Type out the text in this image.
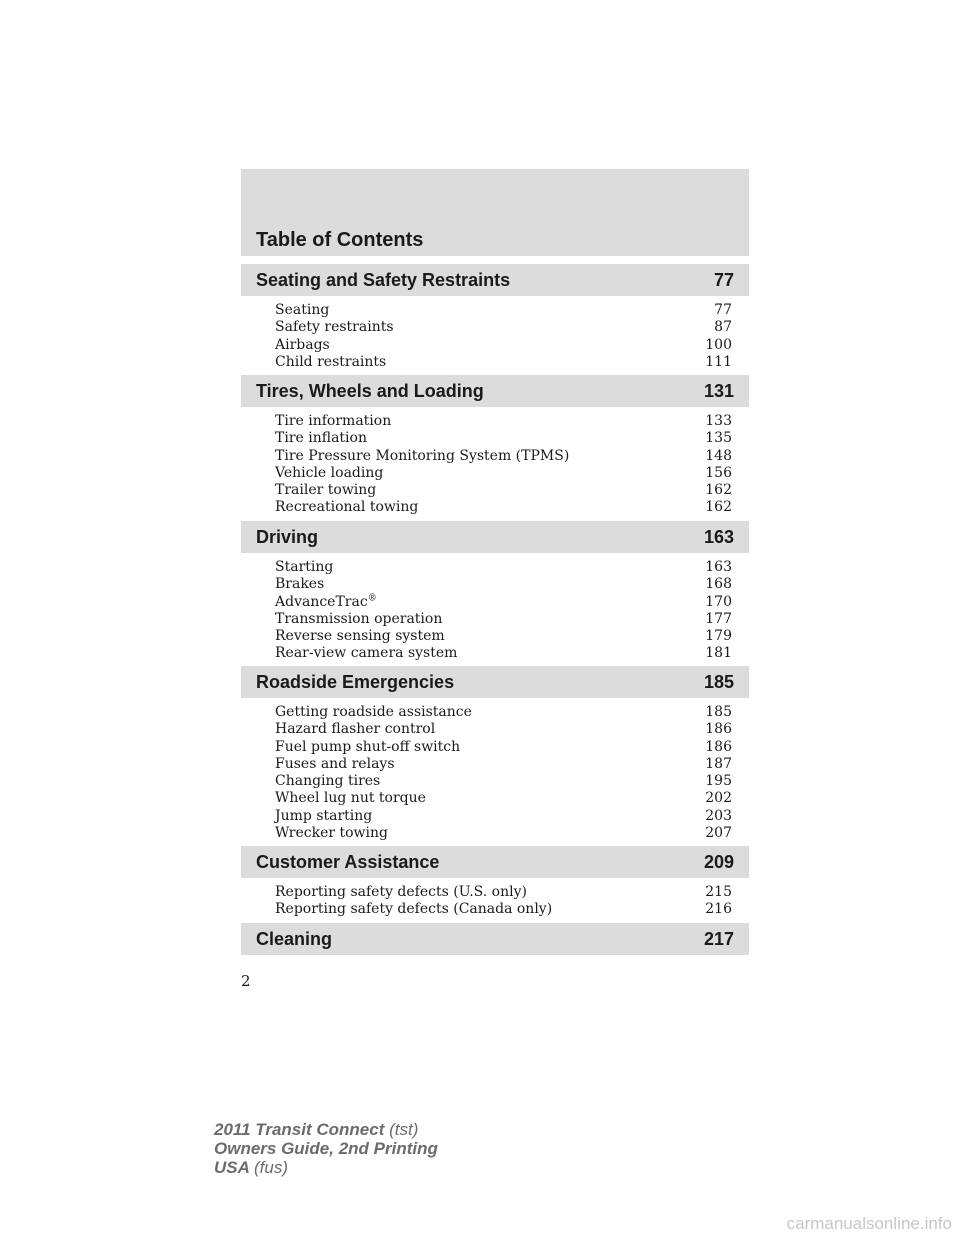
Table of Contents
Seating and Safety Restraints	77
Seating	77
Safety restraints	87
Airbags	100
Child restraints	111
Tires, Wheels and Loading	131
Tire information	133
Tire inflation	135
Tire Pressure Monitoring System (TPMS)	148
Vehicle loading	156
Trailer towing	162
Recreational towing	162
Driving	163
Starting	163
Brakes	168
AdvanceTrac®	170
Transmission operation	177
Reverse sensing system	179
Rear-view camera system	181
Roadside Emergencies	185
Getting roadside assistance	185
Hazard flasher control	186
Fuel pump shut-off switch	186
Fuses and relays	187
Changing tires	195
Wheel lug nut torque	202
Jump starting	203
Wrecker towing	207
Customer Assistance	209
Reporting safety defects (U.S. only)	215
Reporting safety defects (Canada only)	216
Cleaning	217
2
2011 Transit Connect (tst)
Owners Guide, 2nd Printing
USA (fus)
carmanualsonline.info
